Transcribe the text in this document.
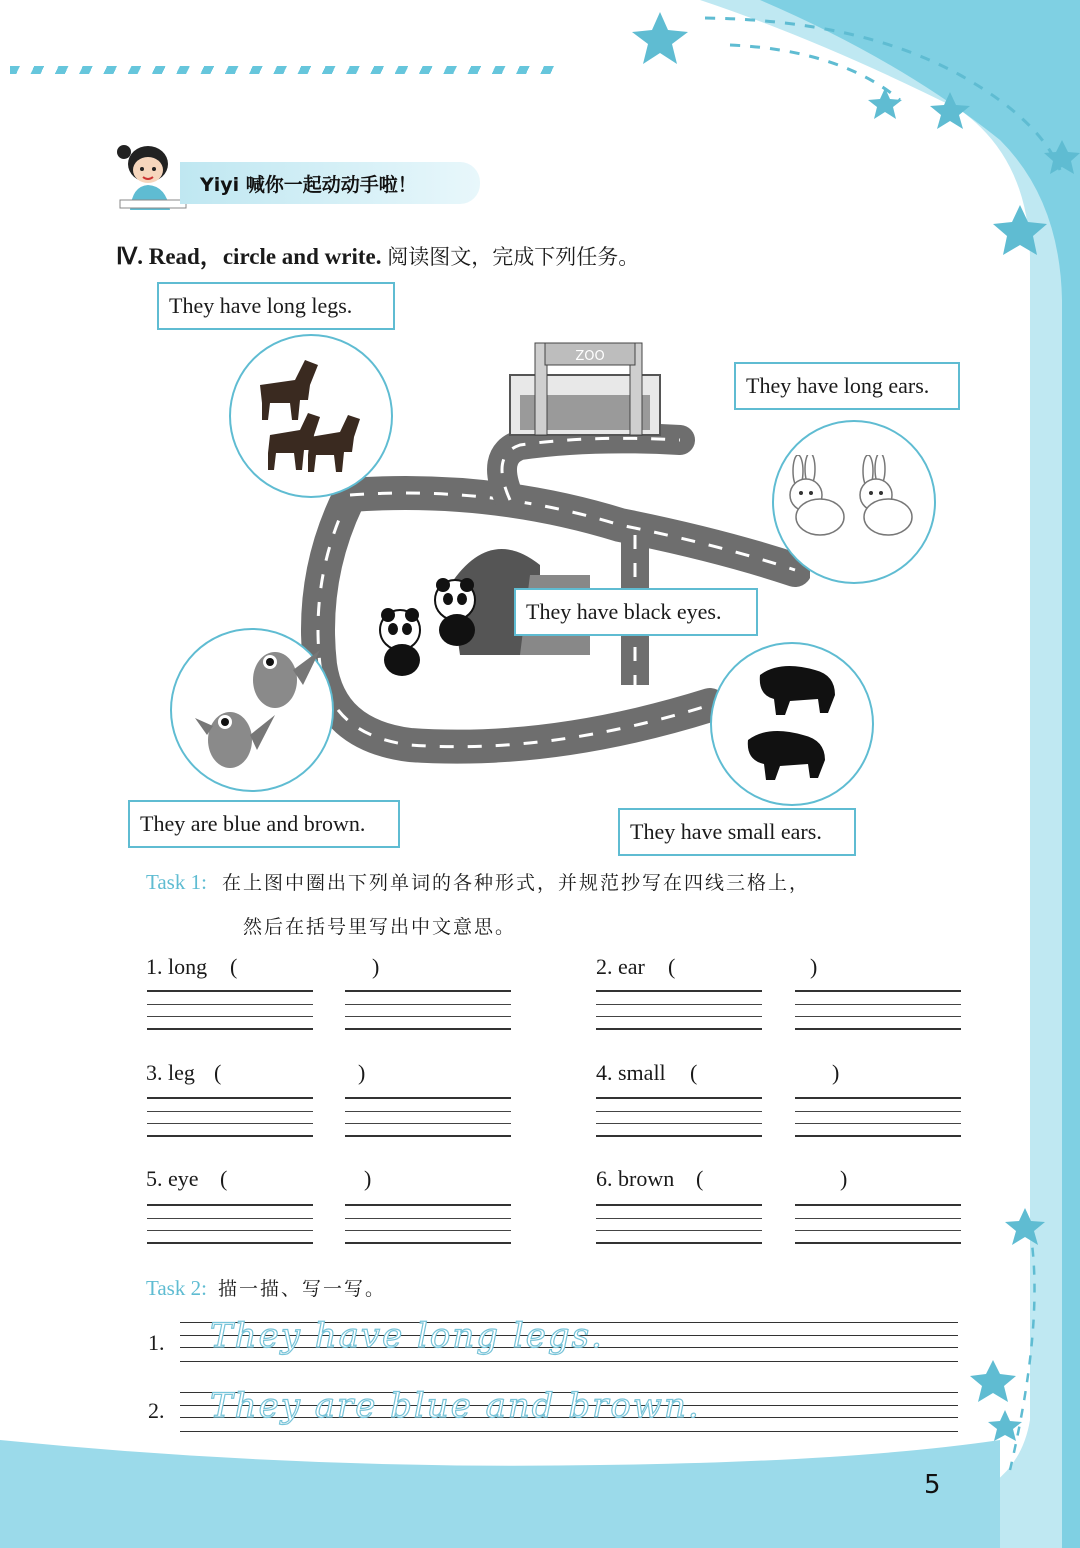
Yiyi 喊你一起动动手啦！
Ⅳ. Read，circle and write. 阅读图文，完成下列任务。
ZOO
They have long legs.
They have long ears.
They have black eyes.
They are blue and brown.	They have small ears.
Task 1: 在上图中圈出下列单词的各种形式，并规范抄写在四线三格上，
然后在括号里写出中文意思。
1. long (	)	2. ear (	)
3. leg (	)	4. small (	)
5. eye (	)	6. brown (	)
Task 2: 描一描、写一写。
1. They have long legs.
2. They are blue and brown.
5
